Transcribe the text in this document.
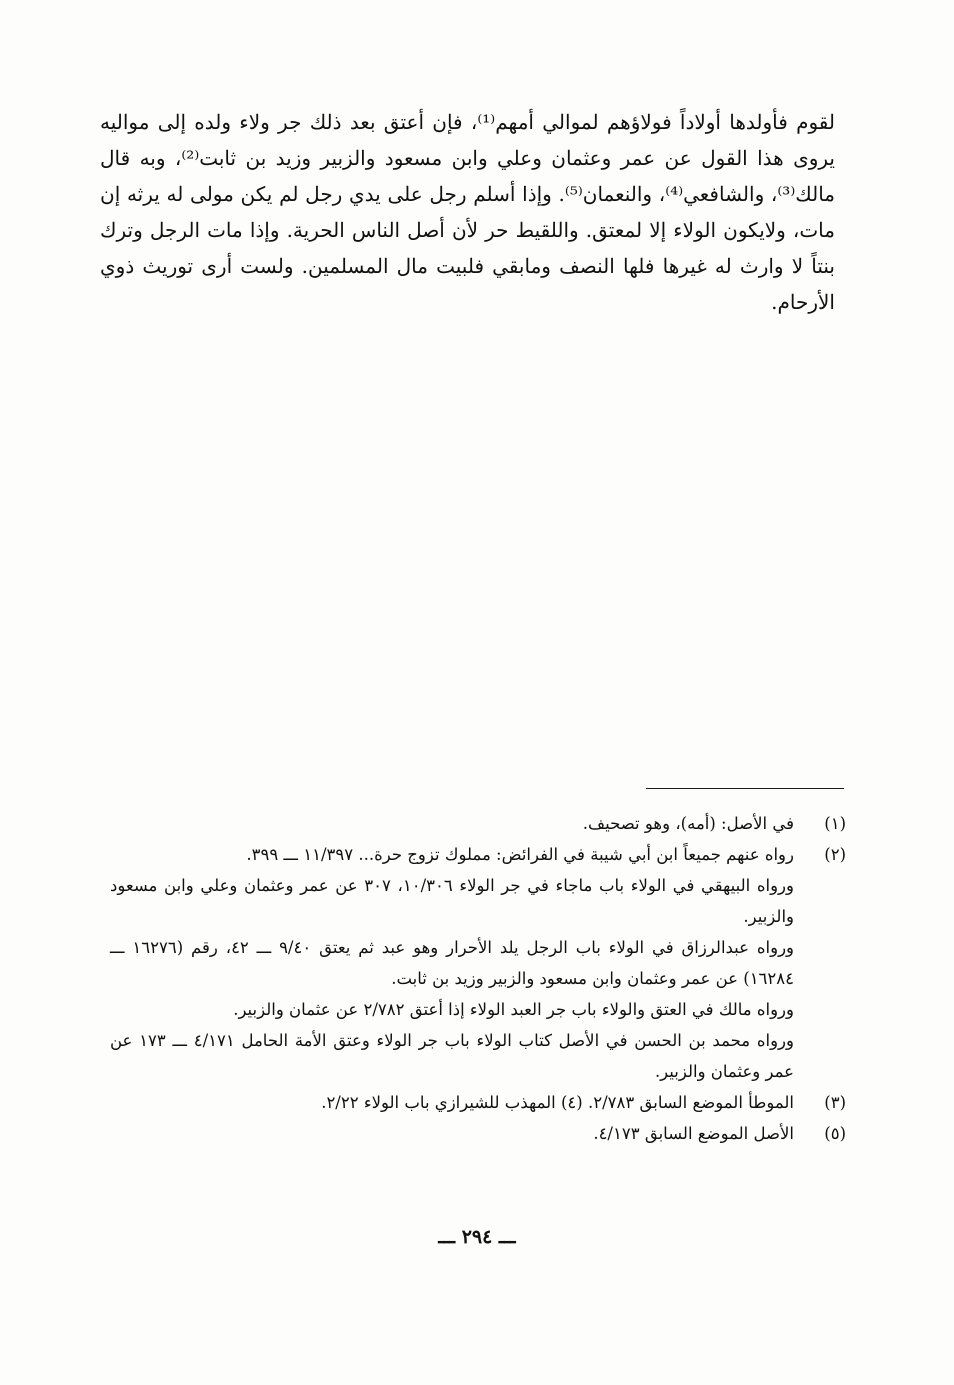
لقوم فأولدها أولاداً فولاؤهم لموالي أمهم⁽¹⁾، فإن أعتق بعد ذلك جر ولاء ولده إلى مواليه يروى هذا القول عن عمر وعثمان وعلي وابن مسعود والزبير وزيد بن ثابت⁽²⁾، وبه قال مالك⁽³⁾، والشافعي⁽⁴⁾، والنعمان⁽⁵⁾. وإذا أسلم رجل على يدي رجل لم يكن مولى له يرثه إن مات، ولايكون الولاء إلا لمعتق. واللقيط حر لأن أصل الناس الحرية. وإذا مات الرجل وترك بنتاً لا وارث له غيرها فلها النصف ومابقي فلبيت مال المسلمين. ولست أرى توريث ذوي الأرحام.

(١)
في الأصل: (أمه)، وهو تصحيف.
(٢)
رواه عنهم جميعاً ابن أبي شيبة في الفرائض: مملوك تزوج حرة... ١١/٣٩٧ ـــ ٣٩٩.
ورواه البيهقي في الولاء باب ماجاء في جر الولاء ١٠/٣٠٦، ٣٠٧ عن عمر وعثمان وعلي وابن مسعود والزبير.
ورواه عبدالرزاق في الولاء باب الرجل يلد الأحرار وهو عبد ثم يعتق ٩/٤٠ ـــ ٤٢، رقم (١٦٢٧٦ ـــ ١٦٢٨٤) عن عمر وعثمان وابن مسعود والزبير وزيد بن ثابت.
ورواه مالك في العتق والولاء باب جر العبد الولاء إذا أعتق ٢/٧٨٢ عن عثمان والزبير.
ورواه محمد بن الحسن في الأصل كتاب الولاء باب جر الولاء وعتق الأمة الحامل ٤/١٧١ ـــ ١٧٣ عن عمر وعثمان والزبير.
(٣)
الموطأ الموضع السابق ٢/٧٨٣. (٤) المهذب للشيرازي باب الولاء ٢/٢٢.
(٥)
الأصل الموضع السابق ٤/١٧٣.
ـــ ٢٩٤ ـــ
